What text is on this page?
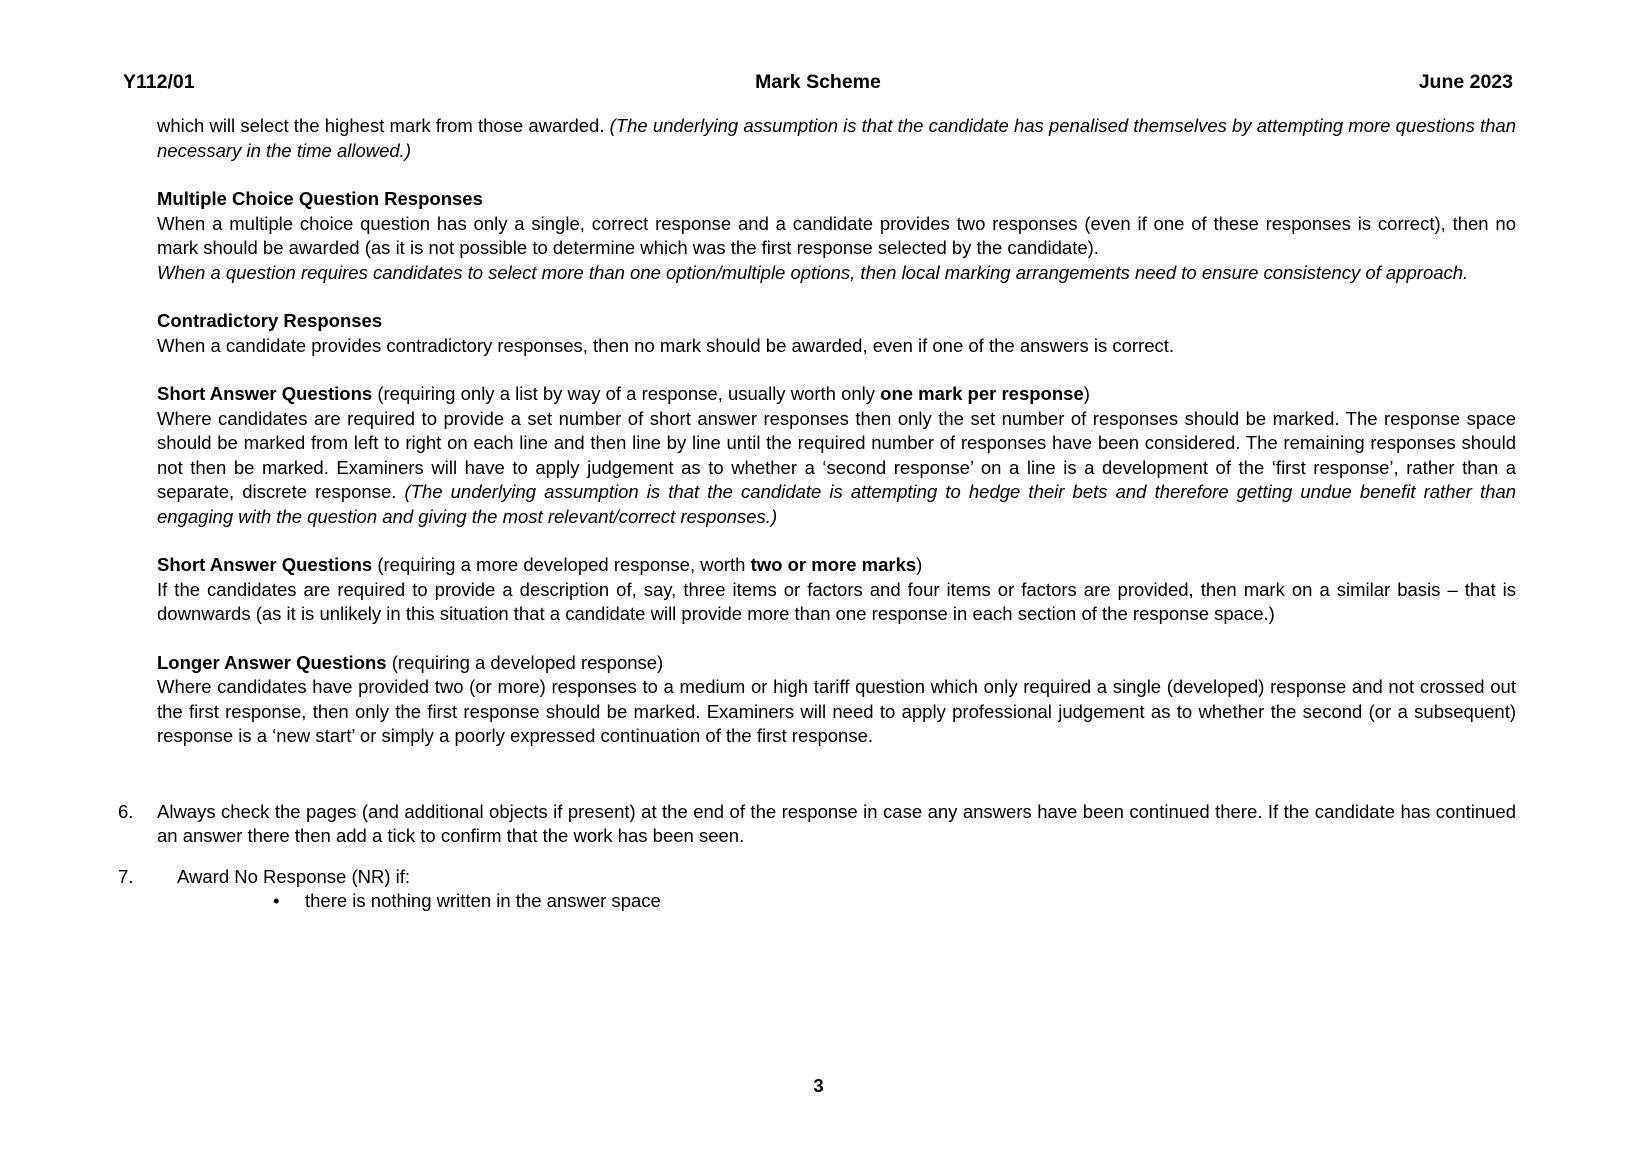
Y112/01	Mark Scheme	June 2023

which will select the highest mark from those awarded. (The underlying assumption is that the candidate has penalised themselves by attempting more questions than necessary in the time allowed.)

Multiple Choice Question Responses

When a multiple choice question has only a single, correct response and a candidate provides two responses (even if one of these responses is correct), then no mark should be awarded (as it is not possible to determine which was the first response selected by the candidate).

When a question requires candidates to select more than one option/multiple options, then local marking arrangements need to ensure consistency of approach.

Contradictory Responses

When a candidate provides contradictory responses, then no mark should be awarded, even if one of the answers is correct.

Short Answer Questions (requiring only a list by way of a response, usually worth only one mark per response)

Where candidates are required to provide a set number of short answer responses then only the set number of responses should be marked. The response space should be marked from left to right on each line and then line by line until the required number of responses have been considered. The remaining responses should not then be marked. Examiners will have to apply judgement as to whether a ‘second response’ on a line is a development of the ‘first response’, rather than a separate, discrete response. (The underlying assumption is that the candidate is attempting to hedge their bets and therefore getting undue benefit rather than engaging with the question and giving the most relevant/correct responses.)

Short Answer Questions (requiring a more developed response, worth two or more marks)

If the candidates are required to provide a description of, say, three items or factors and four items or factors are provided, then mark on a similar basis – that is downwards (as it is unlikely in this situation that a candidate will provide more than one response in each section of the response space.)

Longer Answer Questions (requiring a developed response)

Where candidates have provided two (or more) responses to a medium or high tariff question which only required a single (developed) response and not crossed out the first response, then only the first response should be marked. Examiners will need to apply professional judgement as to whether the second (or a subsequent) response is a ‘new start’ or simply a poorly expressed continuation of the first response.

6. Always check the pages (and additional objects if present) at the end of the response in case any answers have been continued there. If the candidate has continued an answer there then add a tick to confirm that the work has been seen.
7.	Award No Response (NR) if:
•	there is nothing written in the answer space
3
